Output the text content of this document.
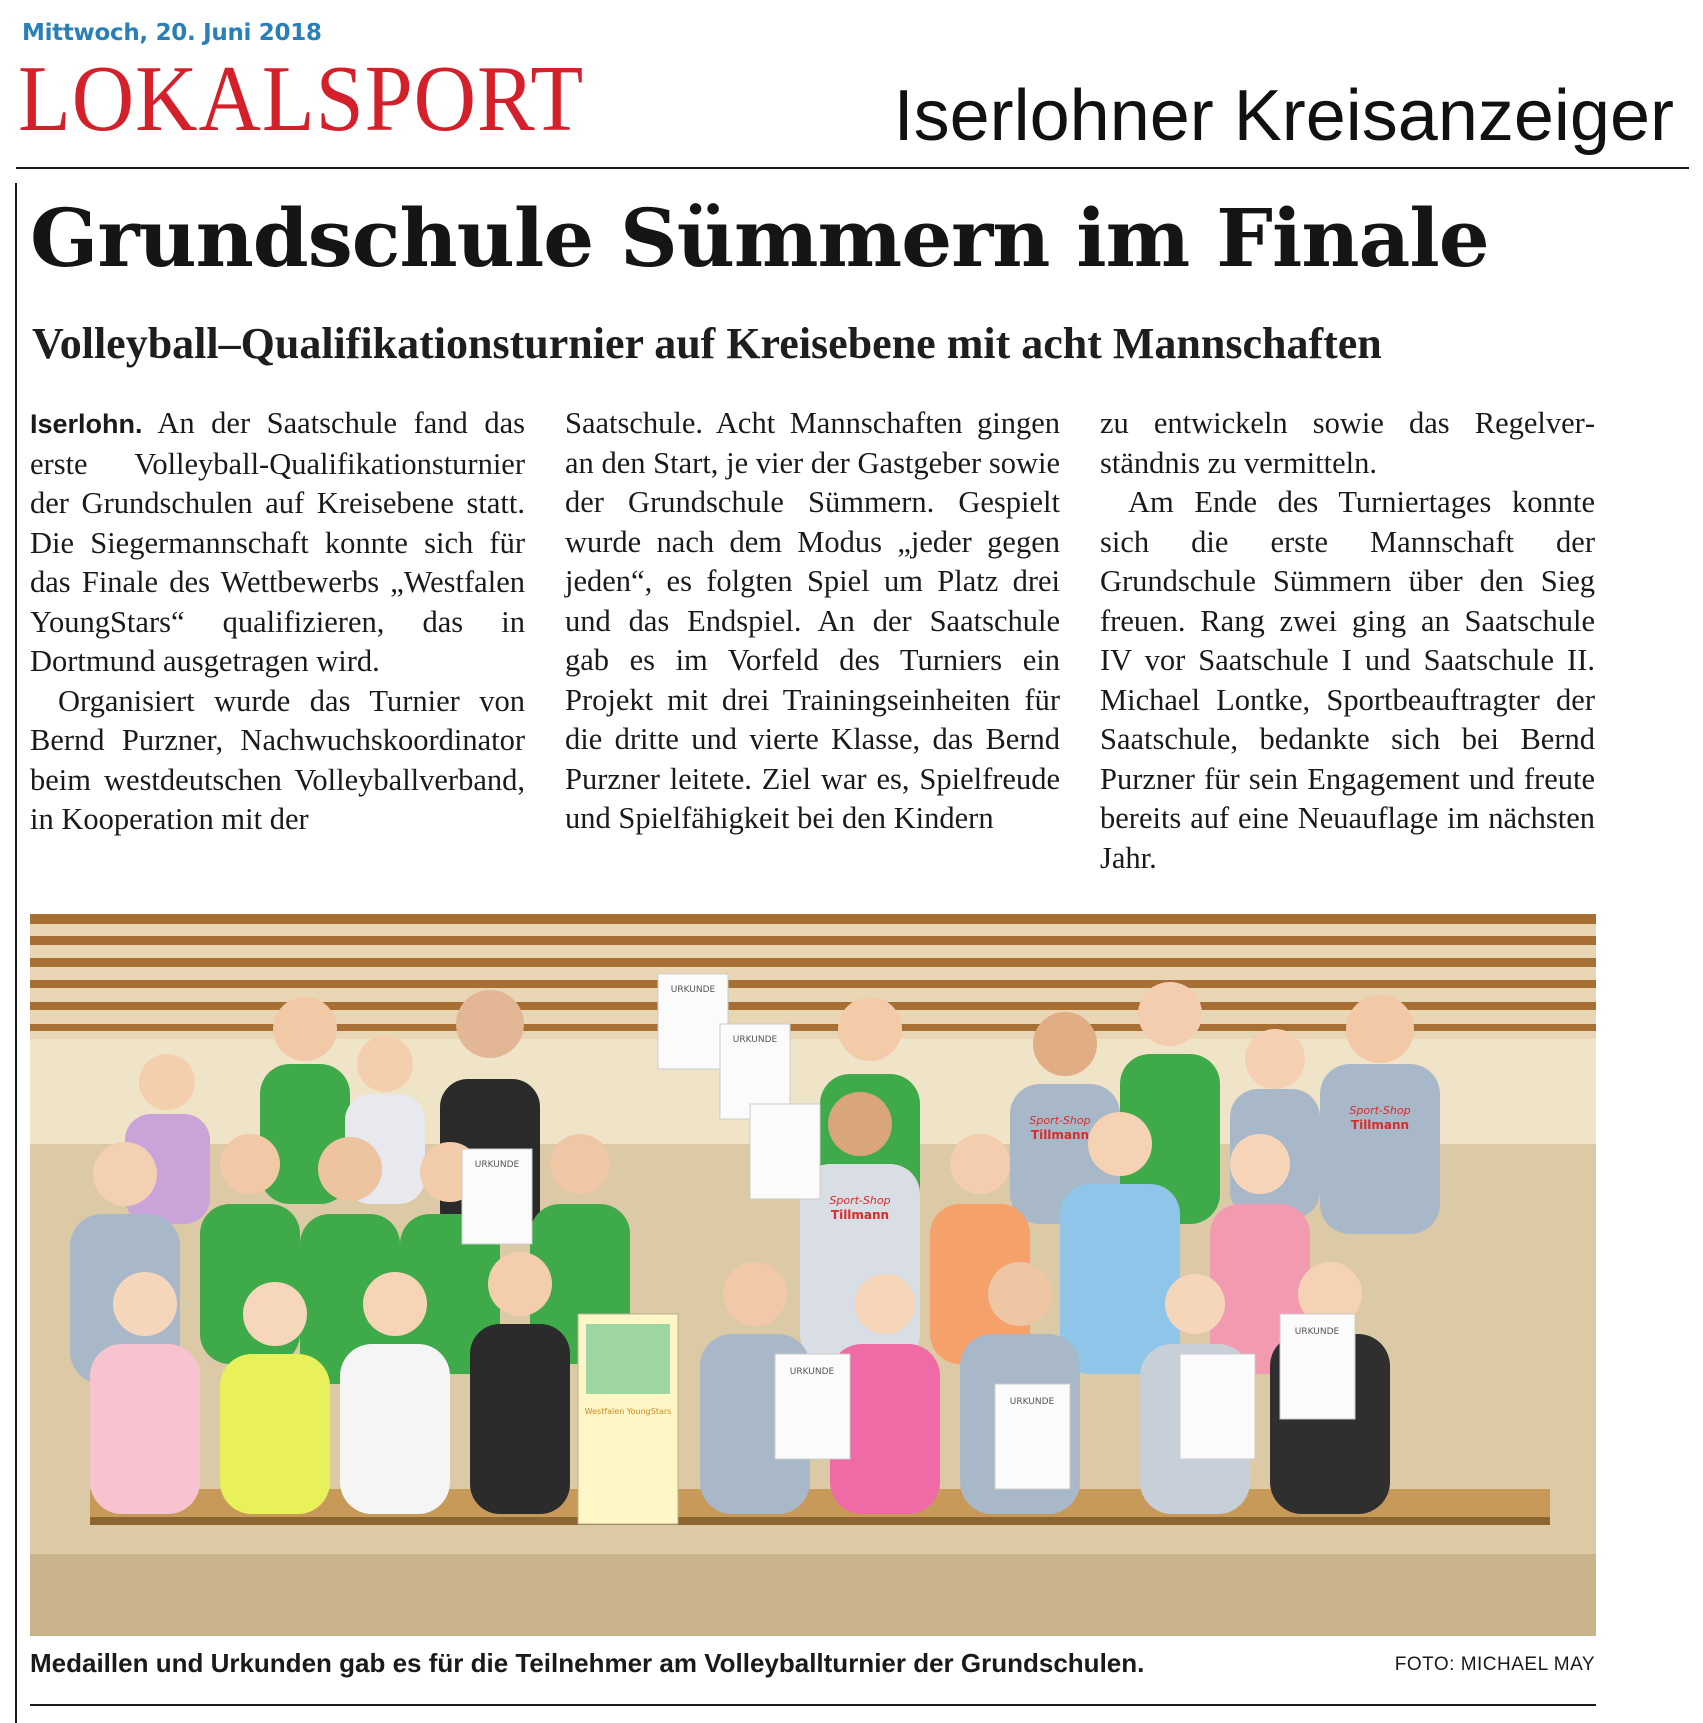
Mittwoch, 20. Juni 2018
LOKALSPORT	Iserlohner Kreisanzeiger
Grundschule Sümmern im Finale
Volleyball–Qualifikationsturnier auf Kreisebene mit acht Mannschaften

Iserlohn. An der Saatschule fand das erste Volleyball-Qualifikationsturnier der Grundschulen auf Kreisebene statt. Die Siegermannschaft konnte sich für das Finale des Wettbewerbs „Westfalen YoungStars“ qualifizieren, das in Dortmund ausgetragen wird.

Organisiert wurde das Turnier von Bernd Purzner, Nachwuchskoordinator beim westdeutschen Volleyballverband, in Kooperation mit der

Saatschule. Acht Mannschaften gingen an den Start, je vier der Gastgeber sowie der Grundschule Sümmern. Gespielt wurde nach dem Modus „jeder gegen jeden“, es folgten Spiel um Platz drei und das Endspiel. An der Saatschule gab es im Vorfeld des Turniers ein Projekt mit drei Trainingseinheiten für die dritte und vierte Klasse, das Bernd Purzner leitete. Ziel war es, Spielfreude und Spielfähigkeit bei den Kindern

zu entwickeln sowie das Regelverständnis zu vermitteln.

Am Ende des Turniertages konnte sich die erste Mannschaft der Grundschule Sümmern über den Sieg freuen. Rang zwei ging an Saatschule IV vor Saatschule I und Saatschule II. Michael Lontke, Sportbeauftragter der Saatschule, bedankte sich bei Bernd Purzner für sein Engagement und freute bereits auf eine Neuauflage im nächsten Jahr.

URKUNDE
URKUNDE
URKUNDE
URKUNDE
URKUNDE
URKUNDE
Westfalen YoungStars
Sport-Shop
Tillmann
Sport-Shop
Tillmann
Sport-Shop
Tillmann
Medaillen und Urkunden gab es für die Teilnehmer am Volleyballturnier der Grundschulen.	FOTO: MICHAEL MAY
